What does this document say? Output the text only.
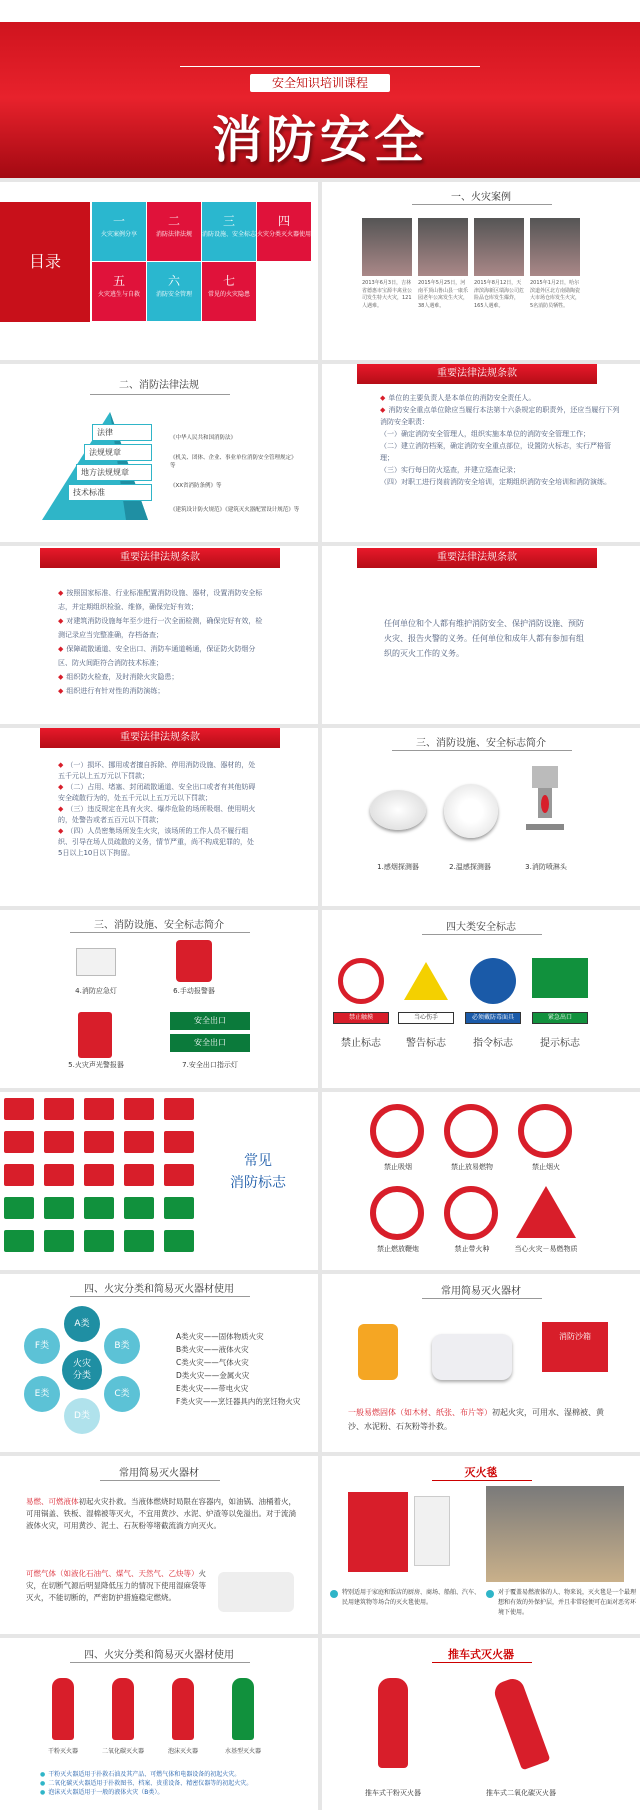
安全知识培训课程
消防安全
目录
一
火灾案例分享
二
消防法律法规
三
消防设施、安全标志
四
火灾分类灭火器使用
五
火灾逃生与自救
六
消防安全管理
七
常见的火灾隐患
一、火灾案例
2013年6月3日，吉林省德惠市宝源丰禽业公司发生特大火灾，121人遇难。
2015年5月25日，河南平顶山鲁山县一康乐园老年公寓发生火灾，38人遇难。
2015年8月12日，天津滨海新区瑞海公司危险品仓库发生爆炸，165人遇难。
2015年1月2日，哈尔滨道外区北方南勋陶瓷大市场仓库发生火灾，5名消防员牺牲。
二、消防法律法规
法律
法规规章
地方法规规章
技术标准
《中华人民共和国消防法》
《机关、团体、企业、事业单位消防安全管理规定》等
《XX省消防条例》等
《建筑设计防火规范》《建筑灭火器配置设计规范》等
重要法律法规条款
◆ 单位的主要负责人是本单位的消防安全责任人。
◆ 消防安全重点单位除应当履行本法第十六条规定的职责外，还应当履行下列消防安全职责：
（一）确定消防安全管理人，组织实施本单位的消防安全管理工作；
（二）建立消防档案，确定消防安全重点部位，设置防火标志，实行严格管理；
（三）实行每日防火巡查，并建立巡查记录；
（四）对职工进行岗前消防安全培训，定期组织消防安全培训和消防演练。
重要法律法规条款
◆ 按照国家标准、行业标准配置消防设施、器材，设置消防安全标志，并定期组织检验、维修，确保完好有效；
◆ 对建筑消防设施每年至少进行一次全面检测，确保完好有效，检测记录应当完整准确，存档备查；
◆ 保障疏散通道、安全出口、消防车通道畅通，保证防火防烟分区、防火间距符合消防技术标准；
◆ 组织防火检查，及时消除火灾隐患；
◆ 组织进行有针对性的消防演练；
重要法律法规条款
任何单位和个人都有维护消防安全、保护消防设施、预防火灾、报告火警的义务。任何单位和成年人都有参加有组织的灭火工作的义务。
重要法律法规条款
◆ （一）损坏、挪用或者擅自拆除、停用消防设施、器材的，处五千元以上五万元以下罚款；
◆ （二）占用、堵塞、封闭疏散通道、安全出口或者有其他妨碍安全疏散行为的，处五千元以上五万元以下罚款；
◆ （三）违反规定在具有火灾、爆炸危险的场所吸烟、使用明火的，处警告或者五百元以下罚款；
◆ （四）人员密集场所发生火灾，该场所的工作人员不履行组织、引导在场人员疏散的义务，情节严重，尚不构成犯罪的，处5日以上10日以下拘留。
三、消防设施、安全标志简介
1.感烟探测器	2.温感探测器	3.消防喷淋头
三、消防设施、安全标志简介
安全出口
安全出口
4.消防应急灯	6.手动报警器
5.火灾声光警报器	7.安全出口指示灯
四大类安全标志
禁止触摸
禁止标志
当心伤手
警告标志
必须戴防毒面具
指令标志
紧急出口
提示标志
常见
消防标志
禁止吸烟	禁止放易燃物	禁止烟火
禁止燃放鞭炮	禁止带火种	当心火灾－易燃物质
四、火灾分类和简易灭火器材使用
火灾
分类
A类
B类
C类
D类
E类
F类
A类火灾——固体物质火灾
B类火灾——液体火灾
C类火灾——气体火灾
D类火灾——金属火灾
E类火灾——带电火灾
F类火灾——烹饪器具内的烹饪物火灾
常用简易灭火器材
消防沙箱
一般易燃固体（如木材、纸张、布片等）初起火灾，可用水、湿棉被、黄沙、水泥粉、石灰粉等扑救。
常用简易灭火器材
易燃、可燃液体初起火灾扑救。当液体燃烧时局限在容器内，如油锅、油桶着火，可用锅盖、铁板、湿棉被等灭火，不宜用黄沙、水泥、炉渣等以免溢出。对于流淌液体火灾，可用黄沙、泥土、石灰粉等堵截流淌方向灭火。
可燃气体（如液化石油气、煤气、天然气、乙炔等）火灾，在切断气源后明显降低压力的情况下使用湿麻袋等灭火，不能切断的，严密防护措施稳定燃烧。
灭火毯
特别适用于家庭和饭店的厨房、商场、船舶、汽车、民用建筑物等场合的灭火毯使用。
对于覆盖易燃液体的人、物来说，灭火毯是一个最理想和有效的外保护层，并且非常轻便可在面对恶劣环境下使用。
四、火灾分类和简易灭火器材使用
干粉灭火器	二氧化碳灭火器	泡沫灭火器	水基型灭火器
● 干粉灭火器适用于扑救石油及其产品、可燃气体和电器设备的初起火灾。
● 二氧化碳灭火器适用于扑救图书、档案、贵重设备、精密仪器等的初起火灾。
● 泡沫灭火器适用于一般的液体火灾（B类）。
推车式灭火器
推车式干粉灭火器	推车式二氧化碳灭火器
